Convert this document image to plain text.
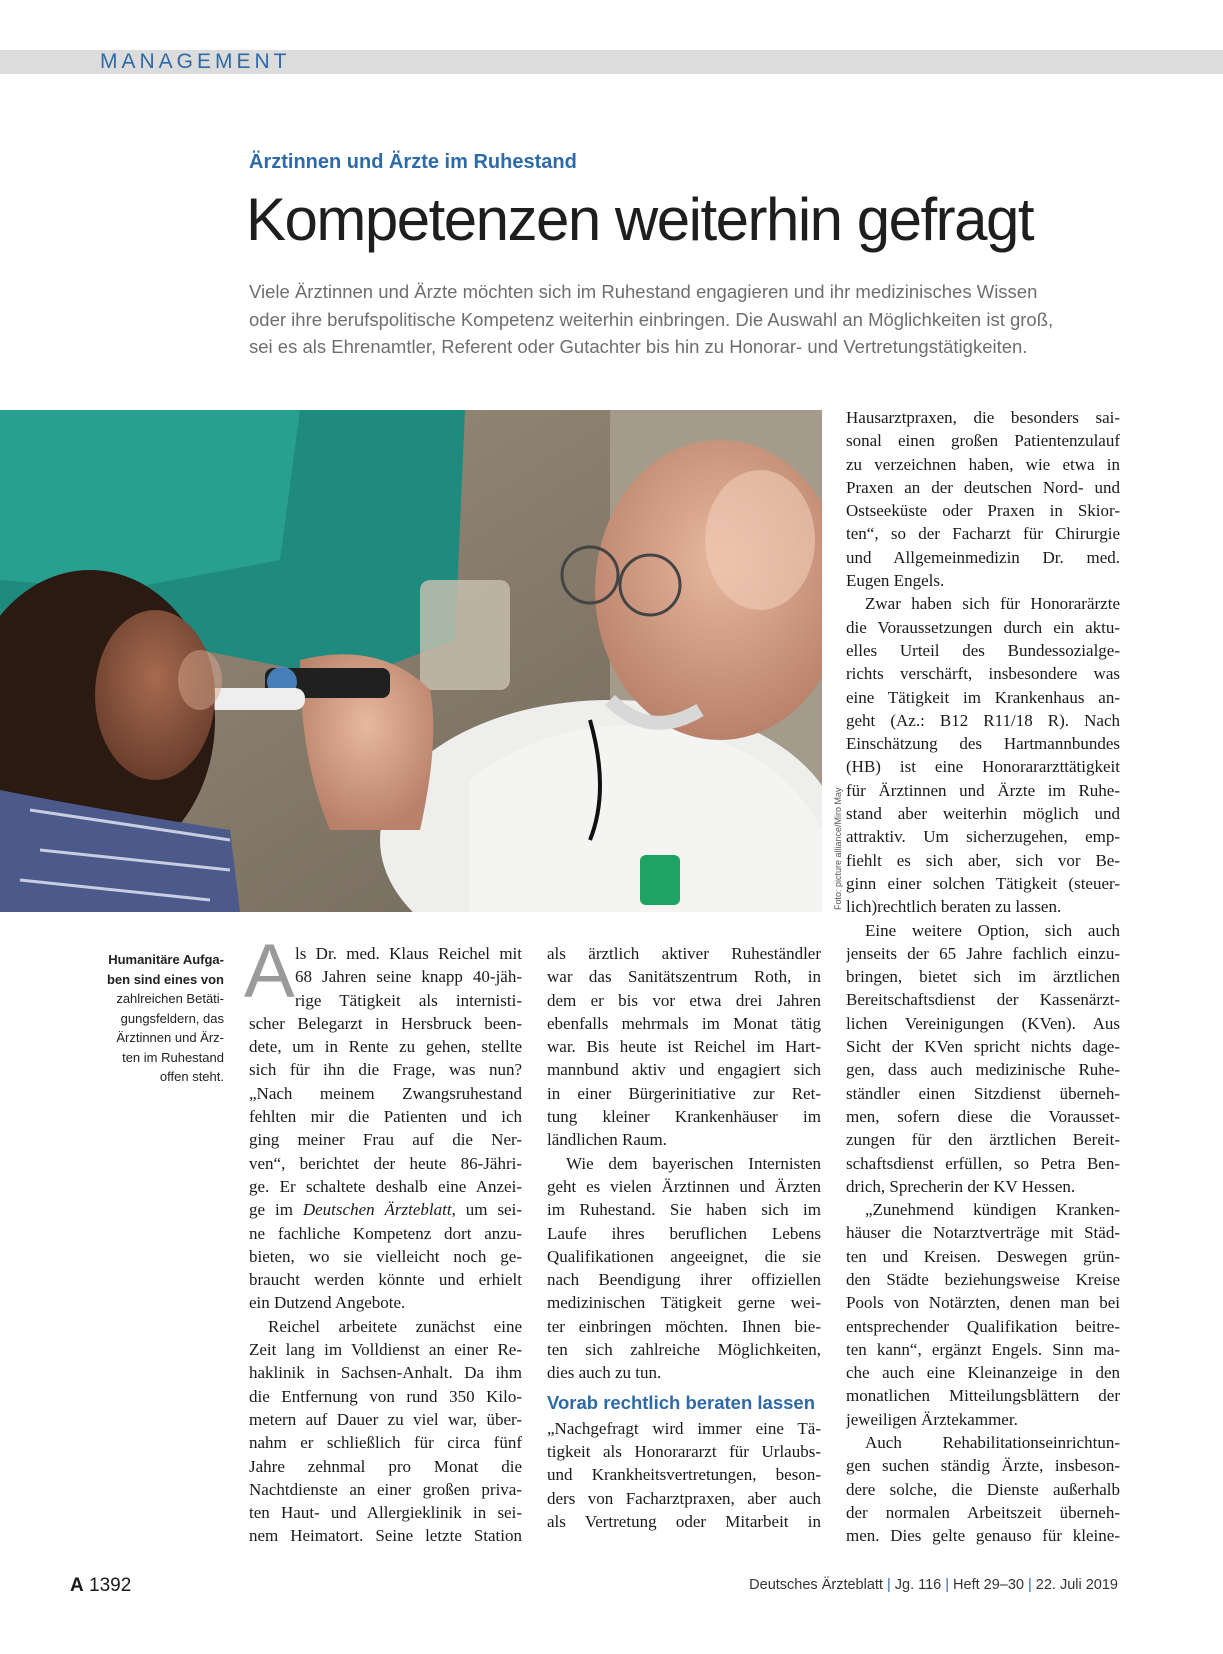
MANAGEMENT
Ärztinnen und Ärzte im Ruhestand
Kompetenzen weiterhin gefragt
Viele Ärztinnen und Ärzte möchten sich im Ruhestand engagieren und ihr medizinisches Wissen
oder ihre berufspolitische Kompetenz weiterhin einbringen. Die Auswahl an Möglichkeiten ist groß,
sei es als Ehrenamtler, Referent oder Gutachter bis hin zu Honorar- und Vertretungstätigkeiten.
Foto: picture alliance/Miro May
Humanitäre Aufga-
ben sind eines von
zahlreichen Betäti-
gungsfeldern, das
Ärztinnen und Ärz-
ten im Ruhestand
offen steht.
A ls Dr. med. Klaus Reichel mit
68 Jahren seine knapp 40-jäh-
rige Tätigkeit als internisti-
scher Belegarzt in Hersbruck been-
dete, um in Rente zu gehen, stellte
sich für ihn die Frage, was nun?
„Nach meinem Zwangsruhestand
fehlten mir die Patienten und ich
ging meiner Frau auf die Ner-
ven“, berichtet der heute 86-Jähri-
ge. Er schaltete deshalb eine Anzei-
ge im Deutschen Ärzteblatt, um sei-
ne fachliche Kompetenz dort anzu-
bieten, wo sie vielleicht noch ge-
braucht werden könnte und erhielt
ein Dutzend Angebote.
Reichel arbeitete zunächst eine
Zeit lang im Volldienst an einer Re-
haklinik in Sachsen-Anhalt. Da ihm
die Entfernung von rund 350 Kilo-
metern auf Dauer zu viel war, über-
nahm er schließlich für circa fünf
Jahre zehnmal pro Monat die
Nachtdienste an einer großen priva-
ten Haut- und Allergieklinik in sei-
nem Heimatort. Seine letzte Station
als ärztlich aktiver Ruheständler
war das Sanitätszentrum Roth, in
dem er bis vor etwa drei Jahren
ebenfalls mehrmals im Monat tätig
war. Bis heute ist Reichel im Hart-
mannbund aktiv und engagiert sich
in einer Bürgerinitiative zur Ret-
tung kleiner Krankenhäuser im
ländlichen Raum.
Wie dem bayerischen Internisten
geht es vielen Ärztinnen und Ärzten
im Ruhestand. Sie haben sich im
Laufe ihres beruflichen Lebens
Qualifikationen angeeignet, die sie
nach Beendigung ihrer offiziellen
medizinischen Tätigkeit gerne wei-
ter einbringen möchten. Ihnen bie-
ten sich zahlreiche Möglichkeiten,
dies auch zu tun.
Vorab rechtlich beraten lassen
„Nachgefragt wird immer eine Tä-
tigkeit als Honorararzt für Urlaubs-
und Krankheitsvertretungen, beson-
ders von Facharztpraxen, aber auch
als Vertretung oder Mitarbeit in
Hausarztpraxen, die besonders sai-
sonal einen großen Patientenzulauf
zu verzeichnen haben, wie etwa in
Praxen an der deutschen Nord- und
Ostseeküste oder Praxen in Skior-
ten“, so der Facharzt für Chirurgie
und Allgemeinmedizin Dr. med.
Eugen Engels.
Zwar haben sich für Honorarärzte
die Voraussetzungen durch ein aktu-
elles Urteil des Bundessozialge-
richts verschärft, insbesondere was
eine Tätigkeit im Krankenhaus an-
geht (Az.: B12 R11/18 R). Nach
Einschätzung des Hartmannbundes
(HB) ist eine Honorararzttätigkeit
für Ärztinnen und Ärzte im Ruhe-
stand aber weiterhin möglich und
attraktiv. Um sicherzugehen, emp-
fiehlt es sich aber, sich vor Be-
ginn einer solchen Tätigkeit (steuer-
lich)rechtlich beraten zu lassen.
Eine weitere Option, sich auch
jenseits der 65 Jahre fachlich einzu-
bringen, bietet sich im ärztlichen
Bereitschaftsdienst der Kassenärzt-
lichen Vereinigungen (KVen). Aus
Sicht der KVen spricht nichts dage-
gen, dass auch medizinische Ruhe-
ständler einen Sitzdienst überneh-
men, sofern diese die Vorausset-
zungen für den ärztlichen Bereit-
schaftsdienst erfüllen, so Petra Ben-
drich, Sprecherin der KV Hessen.
„Zunehmend kündigen Kranken-
häuser die Notarztverträge mit Städ-
ten und Kreisen. Deswegen grün-
den Städte beziehungsweise Kreise
Pools von Notärzten, denen man bei
entsprechender Qualifikation beitre-
ten kann“, ergänzt Engels. Sinn ma-
che auch eine Kleinanzeige in den
monatlichen Mitteilungsblättern der
jeweiligen Ärztekammer.
Auch Rehabilitationseinrichtun-
gen suchen ständig Ärzte, insbeson-
dere solche, die Dienste außerhalb
der normalen Arbeitszeit überneh-
men. Dies gelte genauso für kleine-
A 1392	Deutsches Ärzteblatt | Jg. 116 | Heft 29–30 | 22. Juli 2019
